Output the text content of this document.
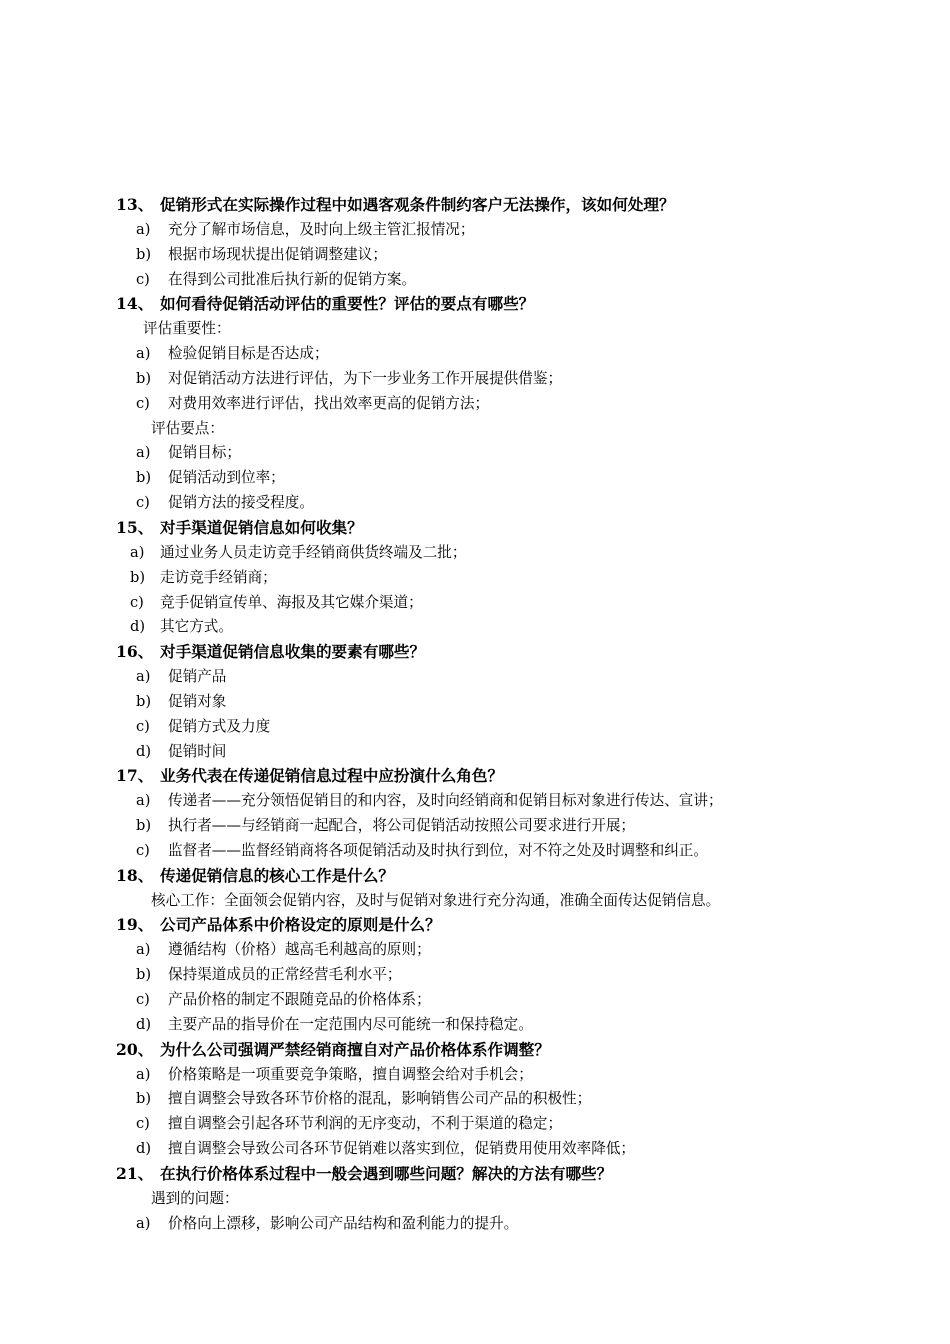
13、 促销形式在实际操作过程中如遇客观条件制约客户无法操作，该如何处理？
a) 充分了解市场信息，及时向上级主管汇报情况；
b) 根据市场现状提出促销调整建议；
c) 在得到公司批准后执行新的促销方案。
14、 如何看待促销活动评估的重要性？评估的要点有哪些？
评估重要性：
a) 检验促销目标是否达成；
b) 对促销活动方法进行评估，为下一步业务工作开展提供借鉴；
c) 对费用效率进行评估，找出效率更高的促销方法；
评估要点：
a) 促销目标；
b) 促销活动到位率；
c) 促销方法的接受程度。
15、 对手渠道促销信息如何收集？
a) 通过业务人员走访竞手经销商供货终端及二批；
b) 走访竞手经销商；
c) 竞手促销宣传单、海报及其它媒介渠道；
d) 其它方式。
16、 对手渠道促销信息收集的要素有哪些？
a) 促销产品
b) 促销对象
c) 促销方式及力度
d) 促销时间
17、 业务代表在传递促销信息过程中应扮演什么角色？
a) 传递者——充分领悟促销目的和内容，及时向经销商和促销目标对象进行传达、宣讲；
b) 执行者——与经销商一起配合，将公司促销活动按照公司要求进行开展；
c) 监督者——监督经销商将各项促销活动及时执行到位，对不符之处及时调整和纠正。
18、 传递促销信息的核心工作是什么？
核心工作：全面领会促销内容，及时与促销对象进行充分沟通，准确全面传达促销信息。
19、 公司产品体系中价格设定的原则是什么？
a) 遵循结构（价格）越高毛利越高的原则；
b) 保持渠道成员的正常经营毛利水平；
c) 产品价格的制定不跟随竞品的价格体系；
d) 主要产品的指导价在一定范围内尽可能统一和保持稳定。
20、 为什么公司强调严禁经销商擅自对产品价格体系作调整？
a) 价格策略是一项重要竞争策略，擅自调整会给对手机会；
b) 擅自调整会导致各环节价格的混乱，影响销售公司产品的积极性；
c) 擅自调整会引起各环节利润的无序变动，不利于渠道的稳定；
d) 擅自调整会导致公司各环节促销难以落实到位，促销费用使用效率降低；
21、 在执行价格体系过程中一般会遇到哪些问题？解决的方法有哪些？
遇到的问题：
a) 价格向上漂移，影响公司产品结构和盈利能力的提升。
